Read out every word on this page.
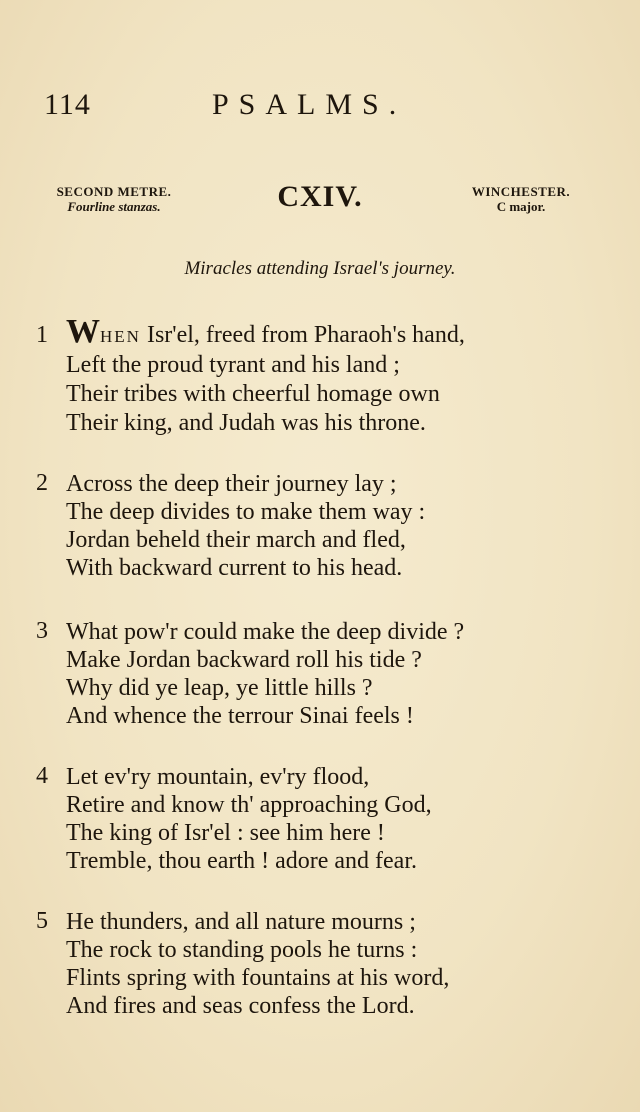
114	PSALMS.
SECOND METRE.
Fourline stanzas.	CXIV.	WINCHESTER.
C major.
Miracles attending Israel's journey.
1 When Isr'el, freed from Pharaoh's hand,
Left the proud tyrant and his land ;
Their tribes with cheerful homage own
Their king, and Judah was his throne.
2 Across the deep their journey lay ;
The deep divides to make them way :
Jordan beheld their march and fled,
With backward current to his head.
3 What pow'r could make the deep divide ?
Make Jordan backward roll his tide ?
Why did ye leap, ye little hills ?
And whence the terrour Sinai feels !
4 Let ev'ry mountain, ev'ry flood,
Retire and know th' approaching God,
The king of Isr'el : see him here !
Tremble, thou earth ! adore and fear.
5 He thunders, and all nature mourns ;
The rock to standing pools he turns :
Flints spring with fountains at his word,
And fires and seas confess the Lord.
